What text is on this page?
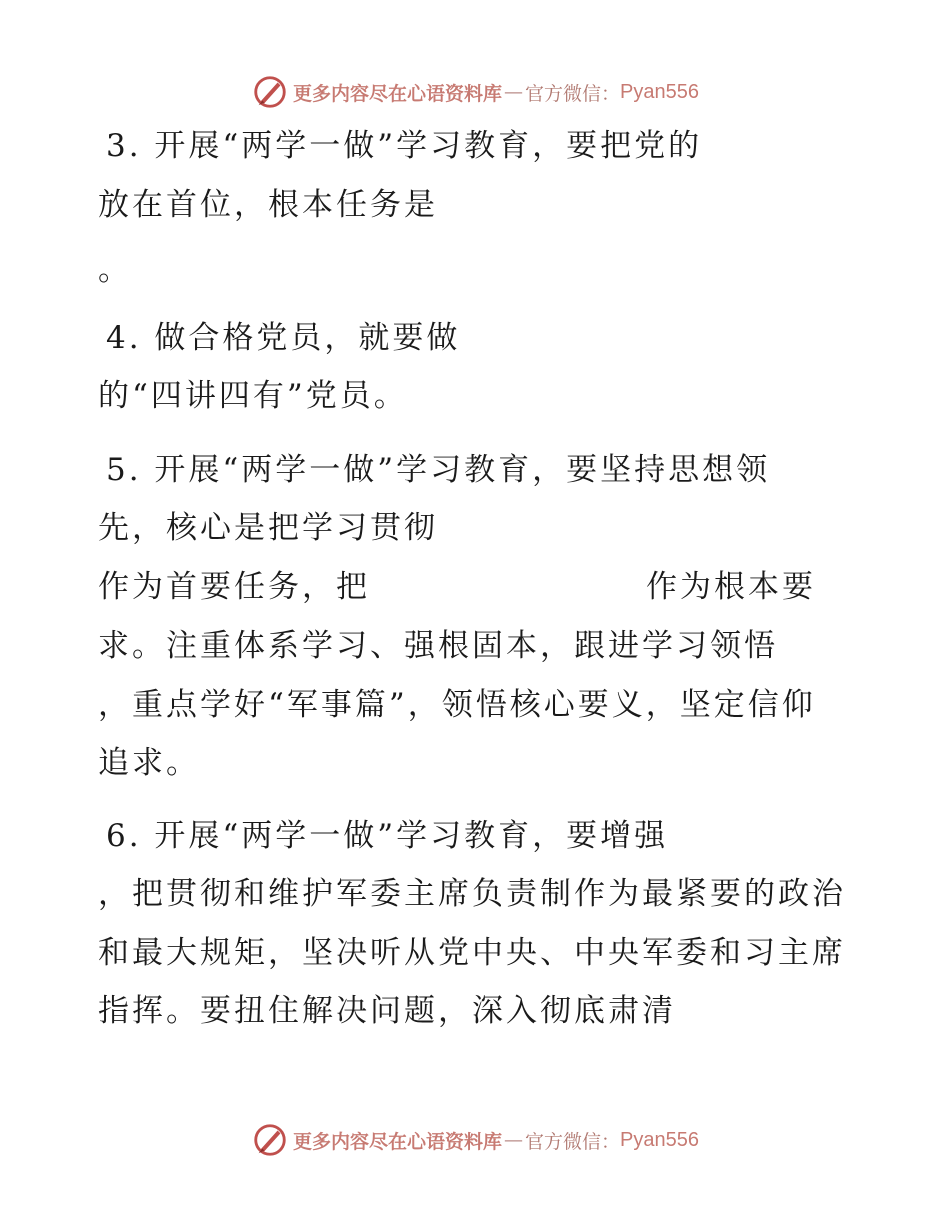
更多内容尽在心语资料库 — 官方微信： Pyan556
3. 开展“两学一做”学习教育，要把党的
放在首位，根本任务是
。
4. 做合格党员，就要做
的“四讲四有”党员。
5. 开展“两学一做”学习教育，要坚持思想领
先，核心是把学习贯彻
作为首要任务，把	作为根本要
求。注重体系学习、强根固本，跟进学习领悟
，重点学好“军事篇”，领悟核心要义，坚定信仰
追求。
6. 开展“两学一做”学习教育，要增强
，把贯彻和维护军委主席负责制作为最紧要的政治
和最大规矩，坚决听从党中央、中央军委和习主席
指挥。要扭住解决问题，深入彻底肃清
更多内容尽在心语资料库 — 官方微信： Pyan556
